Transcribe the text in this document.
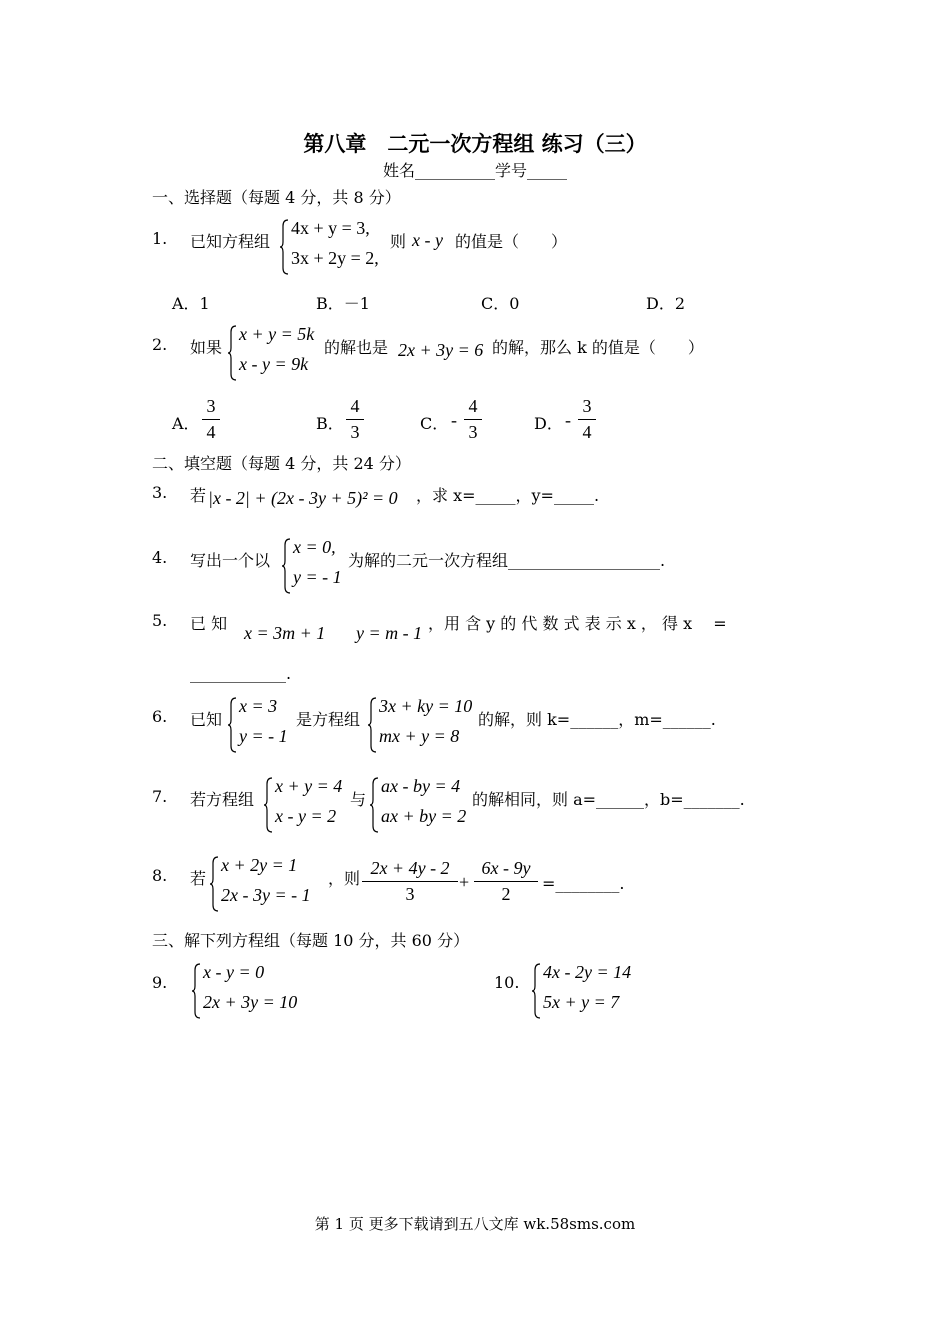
第八章　二元一次方程组 练习（三）
姓名__________学号_____
一、选择题（每题 4 分，共 8 分）
1. 已知方程组
4x + y = 3,
3x + 2y = 2,
则 x - y 的值是（　　）
A．1	B．－1	C．0	D．2
2. 如果
x + y = 5k
x - y = 9k
的解也是 2x + 3y = 6 的解，那么 k 的值是（　　）
A．
3
4	B．
4
3	C． -
4
3	D． -
3
4
二、填空题（每题 4 分，共 24 分）
3. 若 |x - 2| + (2x - 3y + 5)² = 0 ，求 x=_____，y=_____.
4. 写出一个以
x = 0,
y = - 1
为解的二元一次方程组___________________.
5. 已 知 x = 3m + 1 y = m - 1 ，用 含 y 的 代 数 式 表 示 x ， 得 x　 =
____________.
6. 已知
x = 3
y = - 1
是方程组
3x + ky = 10
mx + y = 8
的解，则 k=______，m=______.
7. 若方程组
x + y = 4
x - y = 2
与
ax - by = 4
ax + by = 2
的解相同，则 a=______，b=_______.
8. 若
x + 2y = 1
2x - 3y = - 1
，则
2x + 4y - 2
3
+
6x - 9y
2
=________.
三、解下列方程组（每题 10 分，共 60 分）
9.
x - y = 0
2x + 3y = 10
10.
4x - 2y = 14
5x + y = 7
第 1 页 更多下载请到五八文库 wk.58sms.com
